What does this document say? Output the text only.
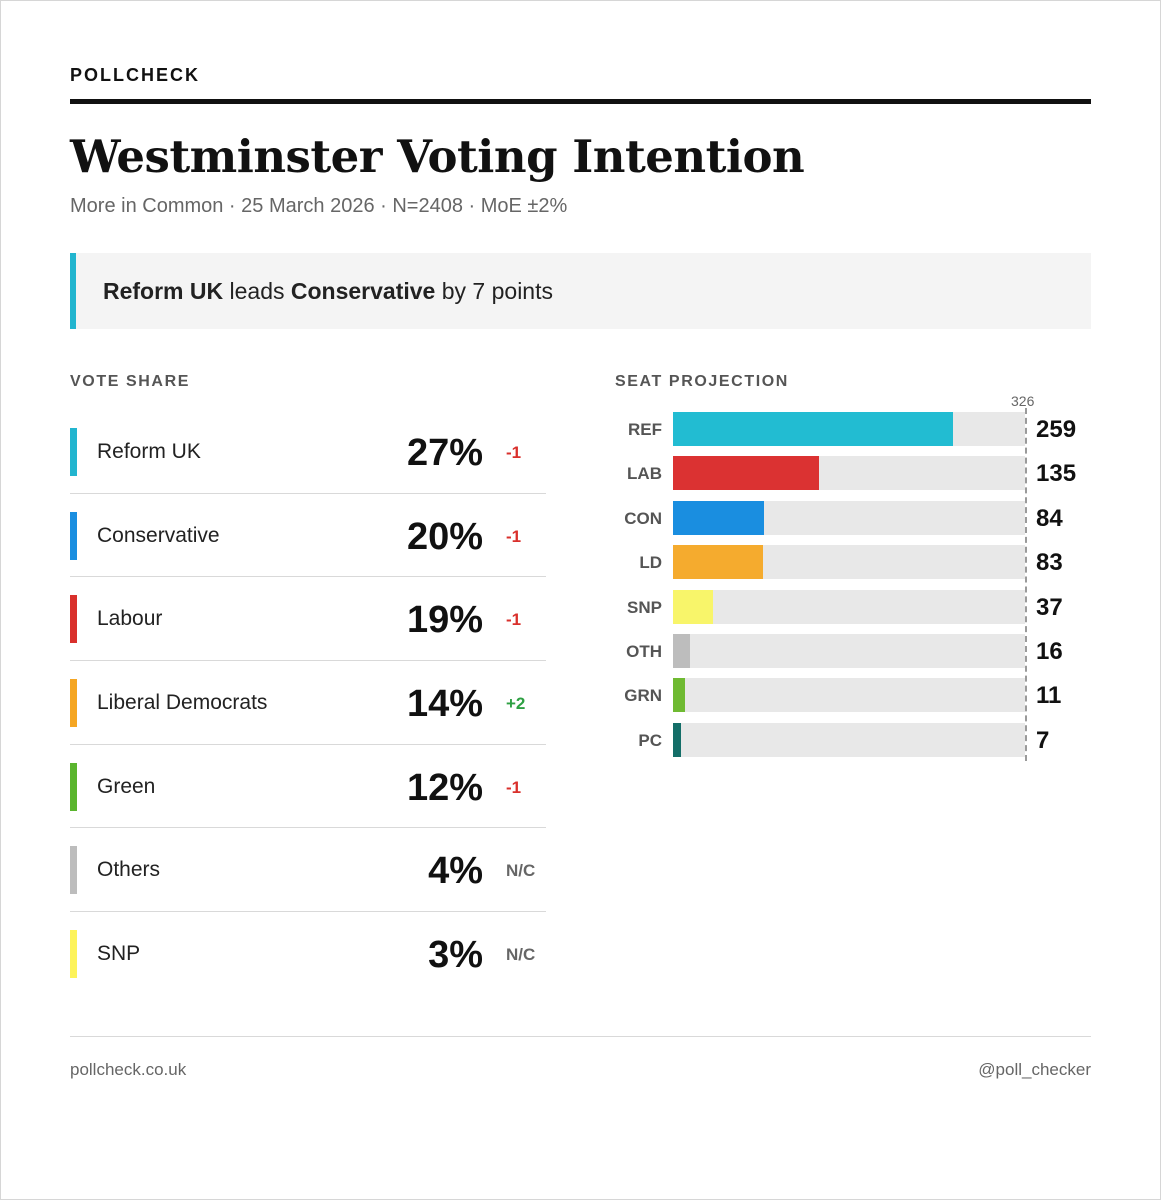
POLLCHECK
Westminster Voting Intention
More in Common · 25 March 2026 · N=2408 · MoE ±2%
Reform UK leads Conservative by 7 points
VOTE SHARE	SEAT PROJECTION
Reform UK	27% -1
Conservative	20% -1
Labour	19% -1
Liberal Democrats	14% +2
Green	12% -1
Others	4% N/C
SNP	3% N/C
REF	259
LAB	135
CON	84
LD	83
SNP	37
OTH	16
GRN	11
PC	7
326
pollcheck.co.uk	@poll_checker
